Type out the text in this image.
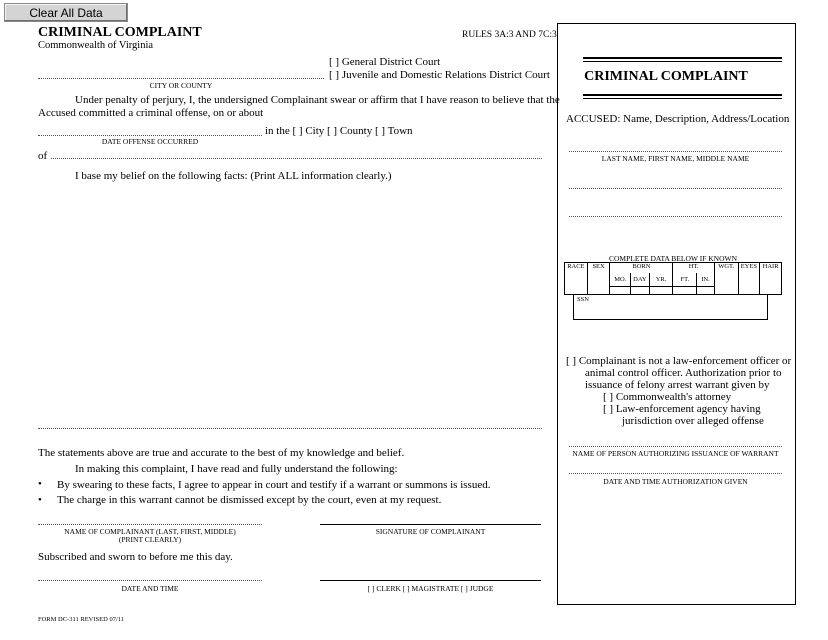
Clear All Data
CRIMINAL COMPLAINT
Commonwealth of Virginia
RULES 3A:3 AND 7C:3
[ ] General District Court
[ ] Juvenile and Domestic Relations District Court
CITY OR COUNTY
Under penalty of perjury, I, the undersigned Complainant swear or affirm that I have reason to believe that the
Accused committed a criminal offense, on or about
in the [ ] City [ ] County [ ] Town
DATE OFFENSE OCCURRED
of
I base my belief on the following facts: (Print ALL information clearly.)
The statements above are true and accurate to the best of my knowledge and belief.
In making this complaint, I have read and fully understand the following:
• By swearing to these facts, I agree to appear in court and testify if a warrant or summons is issued.
• The charge in this warrant cannot be dismissed except by the court, even at my request.
NAME OF COMPLAINANT (LAST, FIRST, MIDDLE)
(PRINT CLEARLY)
SIGNATURE OF COMPLAINANT
Subscribed and sworn to before me this day.
DATE AND TIME	[ ] CLERK [ ] MAGISTRATE [ ] JUDGE
FORM DC-311 REVISED 07/11
CRIMINAL COMPLAINT
ACCUSED: Name, Description, Address/Location
LAST NAME, FIRST NAME, MIDDLE NAME
COMPLETE DATA BELOW IF KNOWN
RACE	SEX	BORN			HT.		WGT.	EYES	HAIR
		MO.	DAY	YR.	FT.	IN.			

SSN
[ ] Complainant is not a law-enforcement officer or
animal control officer. Authorization prior to
issuance of felony arrest warrant given by
[ ] Commonwealth's attorney
[ ] Law-enforcement agency having
jurisdiction over alleged offense
NAME OF PERSON AUTHORIZING ISSUANCE OF WARRANT
DATE AND TIME AUTHORIZATION GIVEN
